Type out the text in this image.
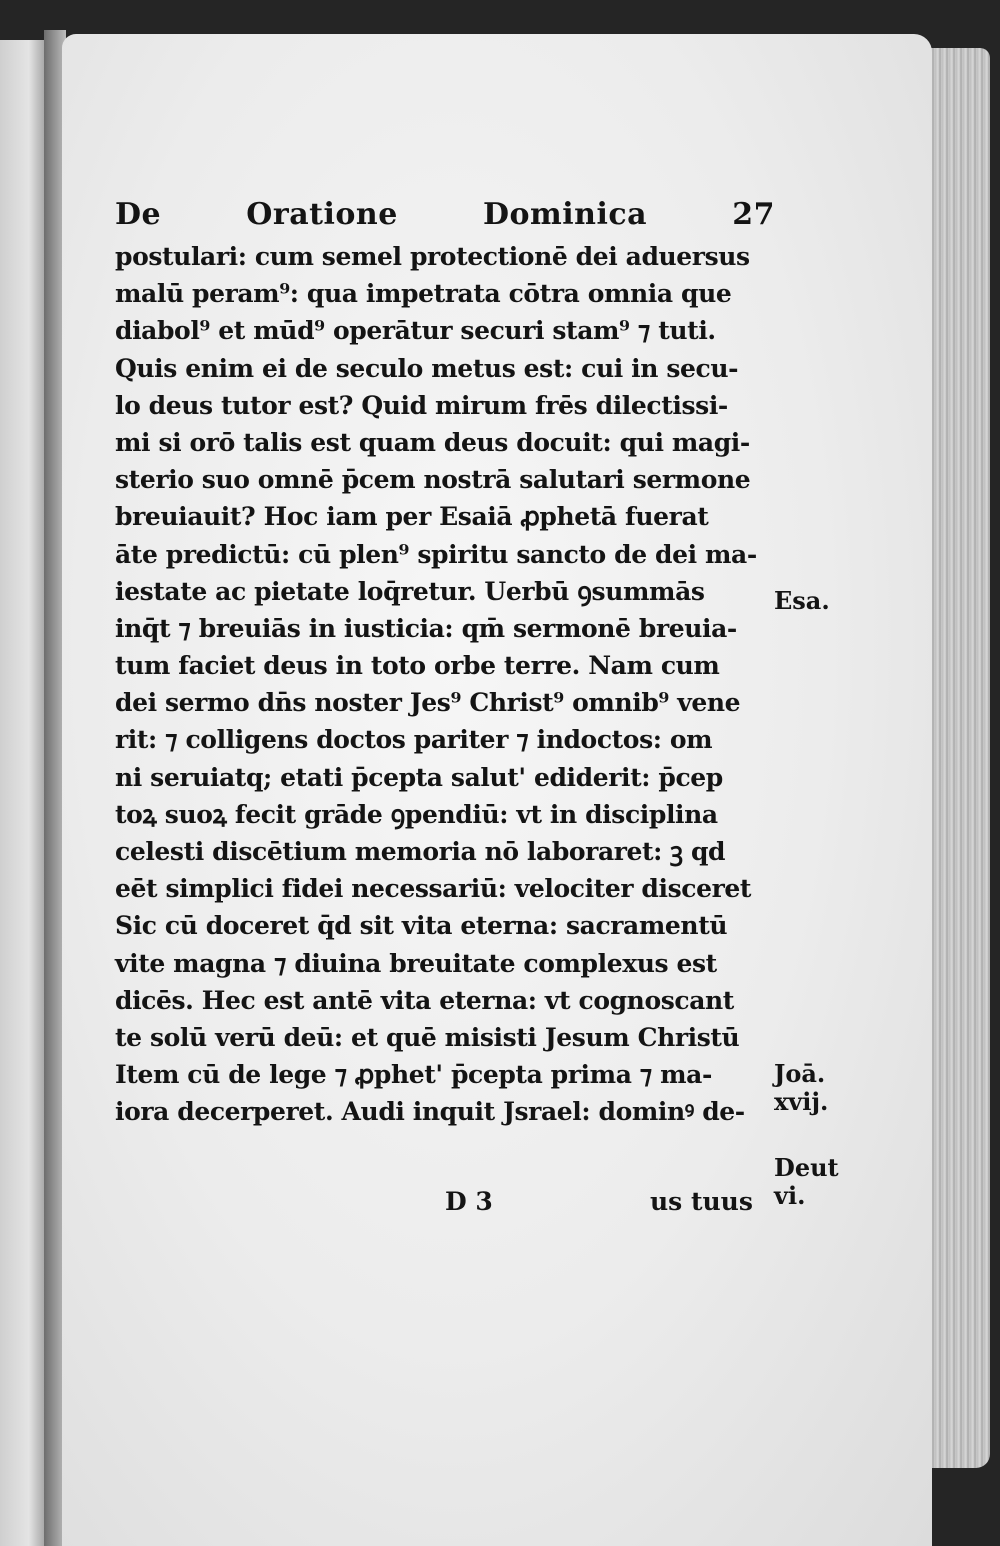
De	Oratione	Dominica	27
postulari: cum semel protectionē dei aduersus
malū peram⁹: qua impetrata cōtra omnia que
diabol⁹ et mūd⁹ operātur securi stam⁹ ⁊ tuti.
Quis enim ei de seculo metus est: cui in secu-
lo deus tutor est? Quid mirum frēs dilectissi-
mi si orō talis est quam deus docuit: qui magi-
sterio suo omnē p̄cem nostrā salutari sermone
breuiauit? Hoc iam per Esaiā ꝓphetā fuerat
āte predictū: cū plen⁹ spiritu sancto de dei ma-
iestate ac pietate loq̄retur. Uerbū ꝯsummās
inq̄t ⁊ breuiās in iusticia: qm̄ sermonē breuia-
tum faciet deus in toto orbe terre. Nam cum
dei sermo dn̄s noster Jes⁹ Christ⁹ omnib⁹ vene
rit: ⁊ colligens doctos pariter ⁊ indoctos: om
ni seruiatq; etati p̄cepta salut' ediderit: p̄cep
toꝝ suoꝝ fecit grāde ꝯpendiū: vt in disciplina
celesti discētium memoria nō laboraret: ꝫ qd
eēt simplici fidei necessariū: velociter disceret
Sic cū doceret q̄d sit vita eterna: sacramentū
vite magna ⁊ diuina breuitate complexus est
dicēs. Hec est antē vita eterna: vt cognoscant
te solū verū deū: et quē misisti Jesum Christū
Item cū de lege ⁊ ꝓphet' p̄cepta prima ⁊ ma-
iora decerperet. Audi inquit Jsrael: dominꝰ de-
D 3	us tuus
Esa.
Joā.
xvij.
Deut
vi.
